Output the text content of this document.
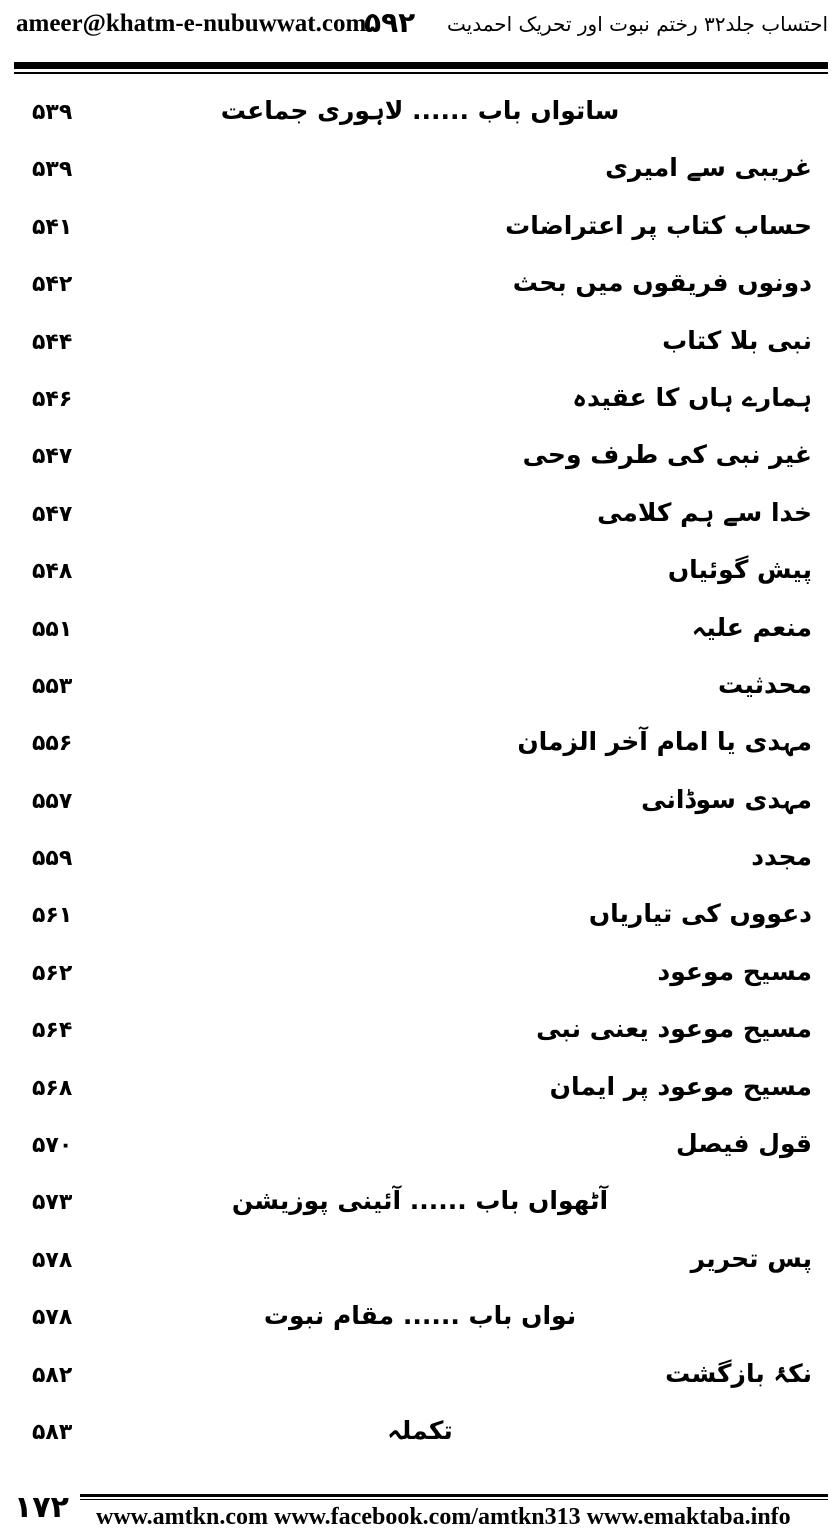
ameer@khatm-e-nubuwwat.com
۵۹۲ احتساب جلد۳۲ رختم نبوت اور تحریک احمدیت
۵۳۹	ساتواں باب ...... لاہوری جماعت
۵۳۹	غریبی سے امیری
۵۴۱	حساب کتاب پر اعتراضات
۵۴۲	دونوں فریقوں میں بحث
۵۴۴	نبی بلا کتاب
۵۴۶	ہمارے ہاں کا عقیدہ
۵۴۷	غیر نبی کی طرف وحی
۵۴۷	خدا سے ہم کلامی
۵۴۸	پیش گوئیاں
۵۵۱	منعم علیہ
۵۵۳	محدثیت
۵۵۶	مہدی یا امام آخر الزمان
۵۵۷	مہدی سوڈانی
۵۵۹	مجدد
۵۶۱	دعووں کی تیاریاں
۵۶۲	مسیح موعود
۵۶۴	مسیح موعود یعنی نبی
۵۶۸	مسیح موعود پر ایمان
۵۷۰	قول فیصل
۵۷۳	آٹھواں باب ...... آئینی پوزیشن
۵۷۸	پس تحریر
۵۷۸	نواں باب ...... مقام نبوت
۵۸۲	نکۂ بازگشت
۵۸۳	تکملہ
۱۷۲ www.amtkn.com www.facebook.com/amtkn313 www.emaktaba.info
